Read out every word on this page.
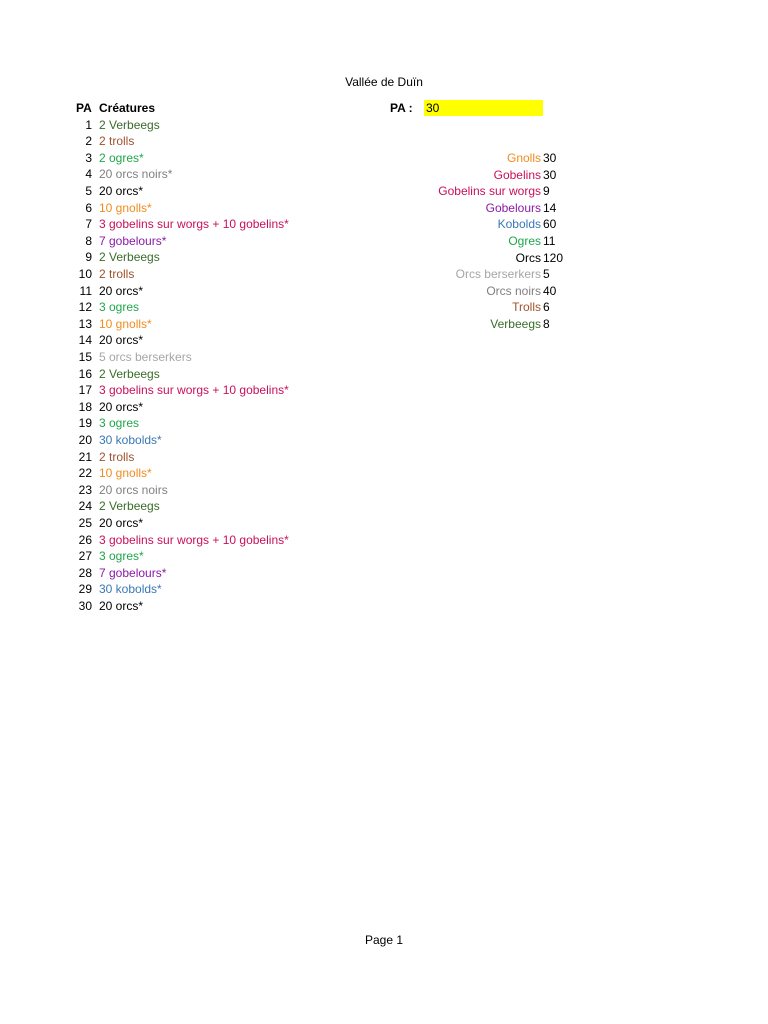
Vallée de Duïn
PA Créatures	PA : 30
1 2 Verbeegs
2 2 trolls
3 2 ogres*
4 20 orcs noirs*
5 20 orcs*
6 10 gnolls*
7 3 gobelins sur worgs + 10 gobelins*
8 7 gobelours*
9 2 Verbeegs
10 2 trolls
11 20 orcs*
12 3 ogres
13 10 gnolls*
14 20 orcs*
15 5 orcs berserkers
16 2 Verbeegs
17 3 gobelins sur worgs + 10 gobelins*
18 20 orcs*
19 3 ogres
20 30 kobolds*
21 2 trolls
22 10 gnolls*
23 20 orcs noirs
24 2 Verbeegs
25 20 orcs*
26 3 gobelins sur worgs + 10 gobelins*
27 3 ogres*
28 7 gobelours*
29 30 kobolds*
30 20 orcs*
Gnolls 30
Gobelins 30
Gobelins sur worgs 9
Gobelours 14
Kobolds 60
Ogres 11
Orcs 120
Orcs berserkers 5
Orcs noirs 40
Trolls 6
Verbeegs 8
Page 1
